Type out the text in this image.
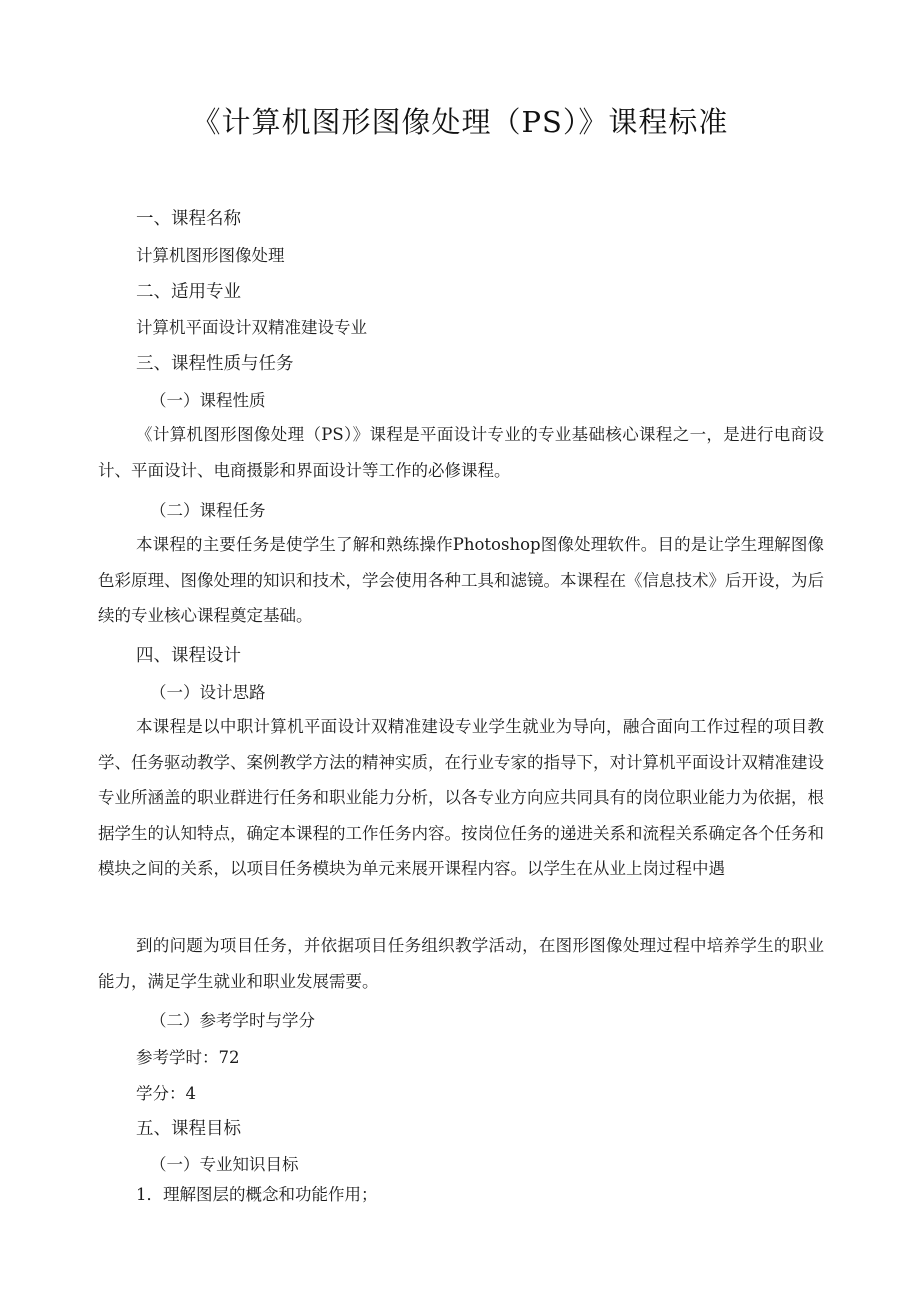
《计算机图形图像处理（PS）》课程标准
一、课程名称
计算机图形图像处理
二、适用专业
计算机平面设计双精准建设专业
三、课程性质与任务
（一）课程性质
《计算机图形图像处理（PS）》课程是平面设计专业的专业基础核心课程之一，是进行电商设计、平面设计、电商摄影和界面设计等工作的必修课程。
（二）课程任务
本课程的主要任务是使学生了解和熟练操作Photoshop图像处理软件。目的是让学生理解图像色彩原理、图像处理的知识和技术，学会使用各种工具和滤镜。本课程在《信息技术》后开设，为后续的专业核心课程奠定基础。
四、课程设计
（一）设计思路
本课程是以中职计算机平面设计双精准建设专业学生就业为导向，融合面向工作过程的项目教学、任务驱动教学、案例教学方法的精神实质，在行业专家的指导下，对计算机平面设计双精准建设专业所涵盖的职业群进行任务和职业能力分析，以各专业方向应共同具有的岗位职业能力为依据，根据学生的认知特点，确定本课程的工作任务内容。按岗位任务的递进关系和流程关系确定各个任务和模块之间的关系，以项目任务模块为单元来展开课程内容。以学生在从业上岗过程中遇
到的问题为项目任务，并依据项目任务组织教学活动，在图形图像处理过程中培养学生的职业能力，满足学生就业和职业发展需要。
（二）参考学时与学分
参考学时：72
学分：4
五、课程目标
（一）专业知识目标
1．理解图层的概念和功能作用；
